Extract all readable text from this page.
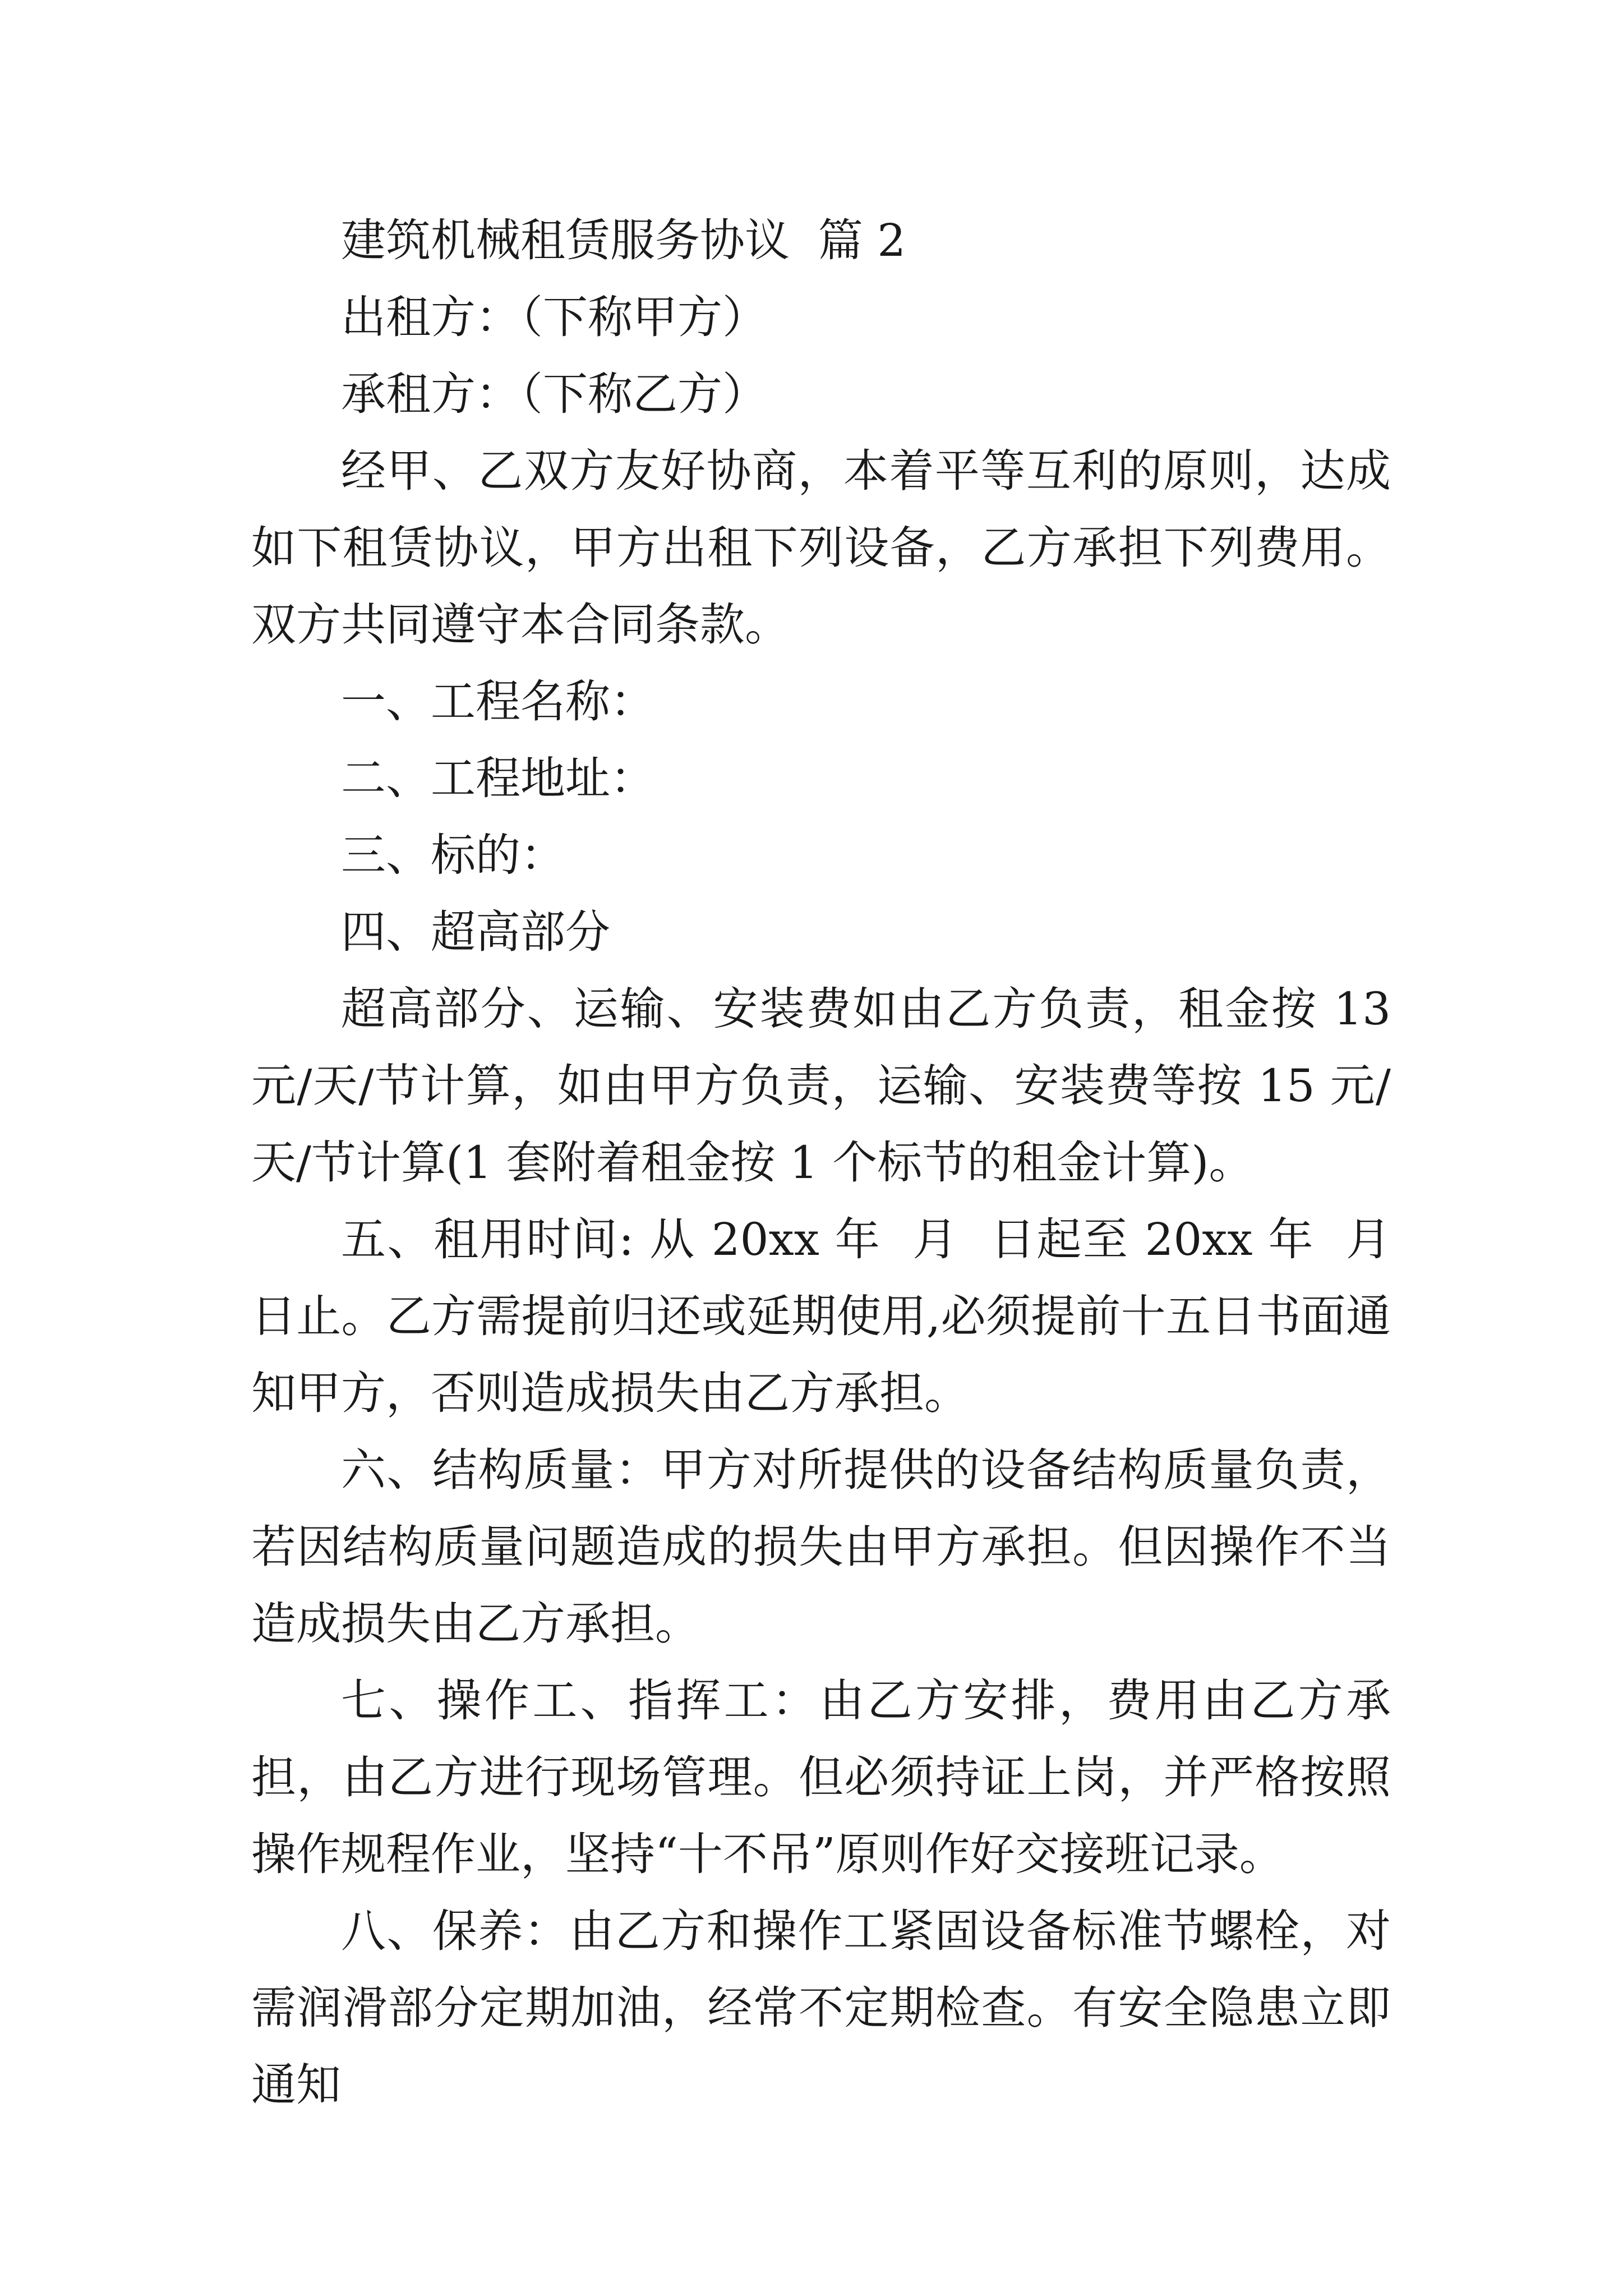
建筑机械租赁服务协议  篇 2

出租方：（下称甲方）

承租方：（下称乙方）

经甲、乙双方友好协商，本着平等互利的原则，达成如下租赁协议，甲方出租下列设备，乙方承担下列费用。双方共同遵守本合同条款。

一、工程名称：

二、工程地址：

三、标的：

四、超高部分

超高部分、运输、安装费如由乙方负责，租金按 13 元/天/节计算，如由甲方负责，运输、安装费等按 15 元/天/节计算(1 套附着租金按 1 个标节的租金计算)。

五、租用时间: 从 20xx 年  月  日起至 20xx 年  月  日止。乙方需提前归还或延期使用,必须提前十五日书面通知甲方，否则造成损失由乙方承担。

六、结构质量：甲方对所提供的设备结构质量负责，若因结构质量问题造成的损失由甲方承担。但因操作不当造成损失由乙方承担。

七、操作工、指挥工：由乙方安排，费用由乙方承担，由乙方进行现场管理。但必须持证上岗，并严格按照操作规程作业，坚持“十不吊”原则作好交接班记录。

八、保养：由乙方和操作工紧固设备标准节螺栓，对需润滑部分定期加油，经常不定期检查。有安全隐患立即通知
